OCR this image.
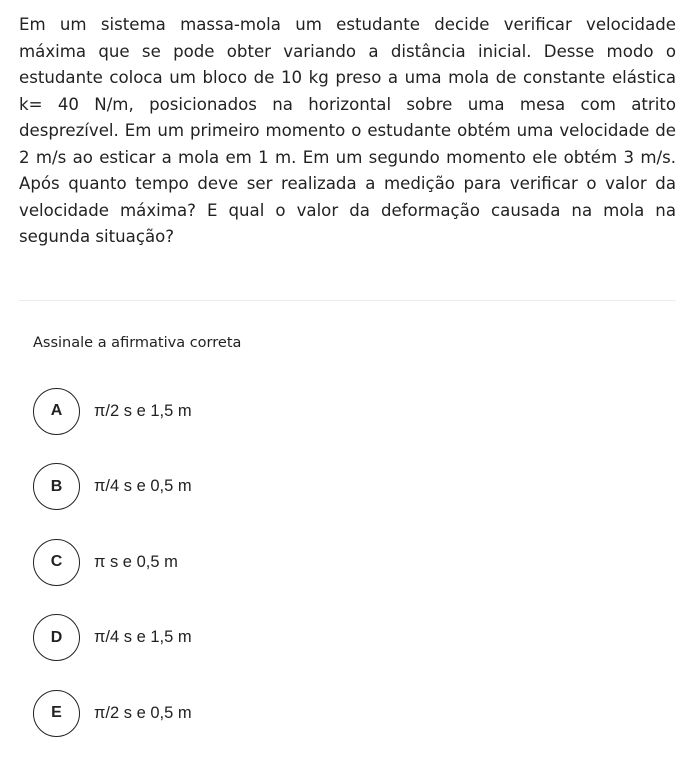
Em um sistema massa-mola um estudante decide verificar velocidade máxima que se pode obter variando a distância inicial. Desse modo o estudante coloca um bloco de 10 kg preso a uma mola de constante elástica k= 40 N/m, posicionados na horizontal sobre uma mesa com atrito desprezível. Em um primeiro momento o estudante obtém uma velocidade de 2 m/s ao esticar a mola em 1 m. Em um segundo momento ele obtém 3 m/s. Após quanto tempo deve ser realizada a medição para verificar o valor da velocidade máxima? E qual o valor da deformação causada na mola na segunda situação?

Assinale a afirmativa correta
A	π/2 s e 1,5 m
B	π/4 s e 0,5 m
C	π s e 0,5 m
D	π/4 s e 1,5 m
E	π/2 s e 0,5 m
